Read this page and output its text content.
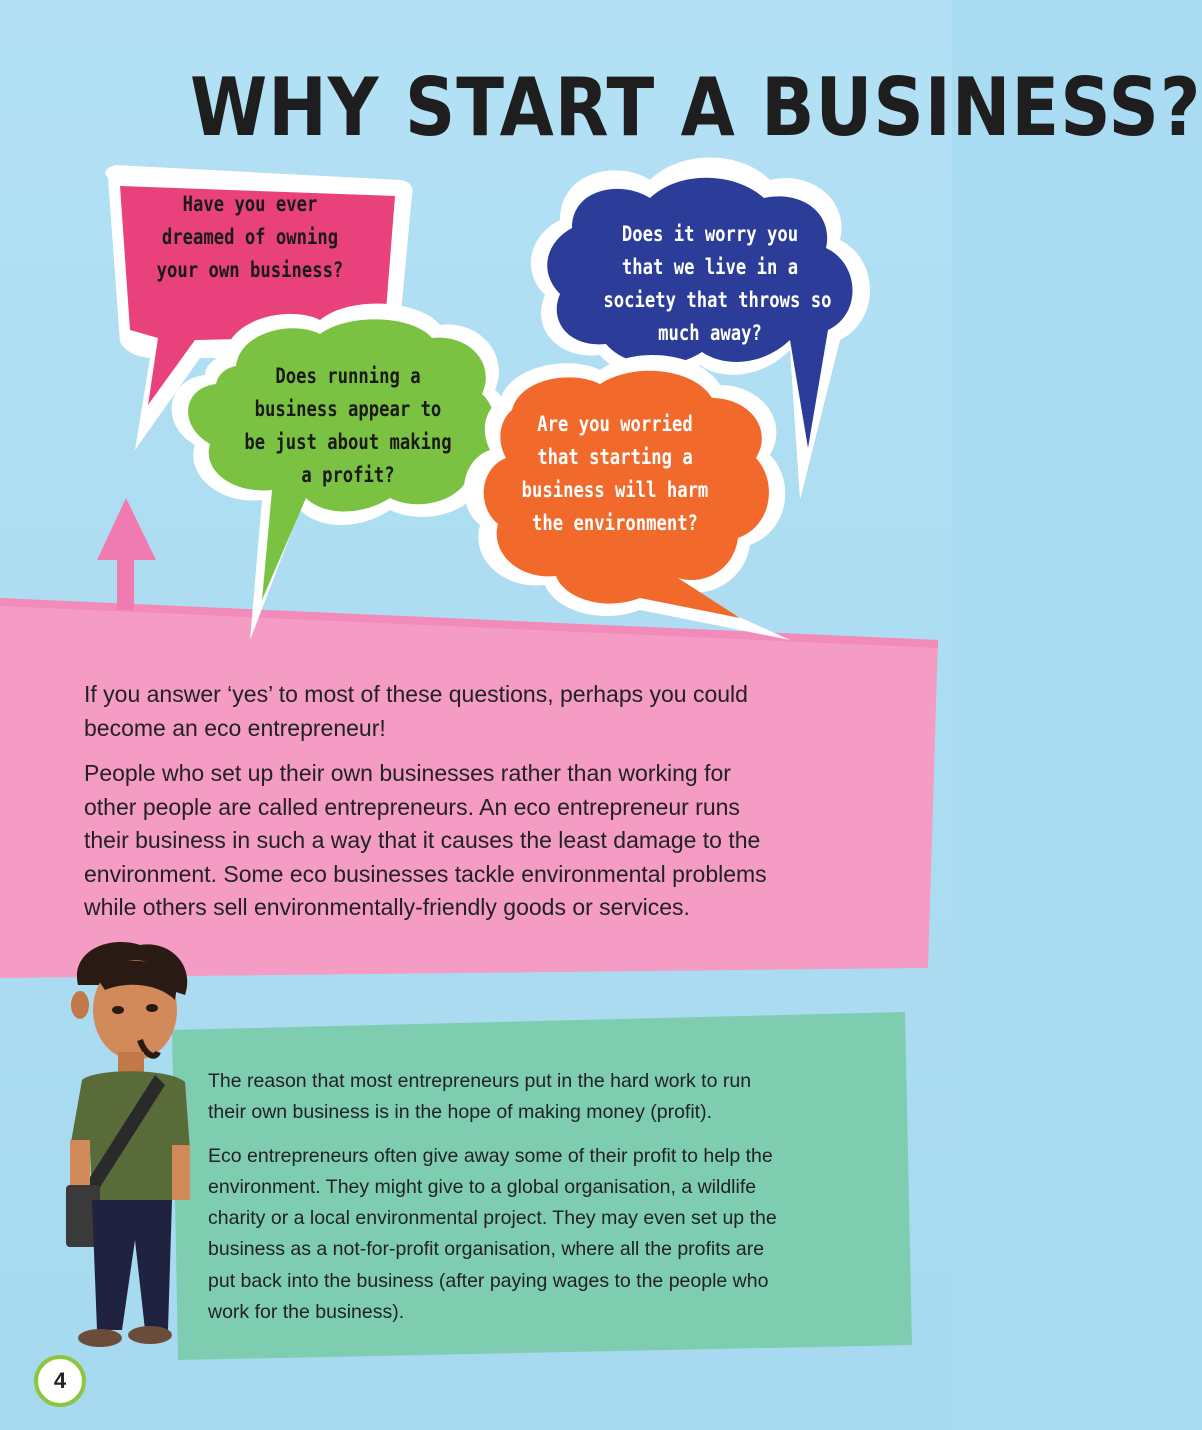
WHY START A BUSINESS?
Have you ever
dreamed of owning
your own business?
Does it worry you
that we live in a
society that throws so
much away?
Does running a
business appear to
be just about making
a profit?
Are you worried
that starting a
business will harm
the environment?

If you answer ‘yes’ to most of these questions, perhaps you could
become an eco entrepreneur!

People who set up their own businesses rather than working for
other people are called entrepreneurs. An eco entrepreneur runs
their business in such a way that it causes the least damage to the
environment. Some eco businesses tackle environmental problems
while others sell environmentally-friendly goods or services.

The reason that most entrepreneurs put in the hard work to run
their own business is in the hope of making money (profit).

Eco entrepreneurs often give away some of their profit to help the
environment. They might give to a global organisation, a wildlife
charity or a local environmental project. They may even set up the
business as a not-for-profit organisation, where all the profits are
put back into the business (after paying wages to the people who
work for the business).

4
